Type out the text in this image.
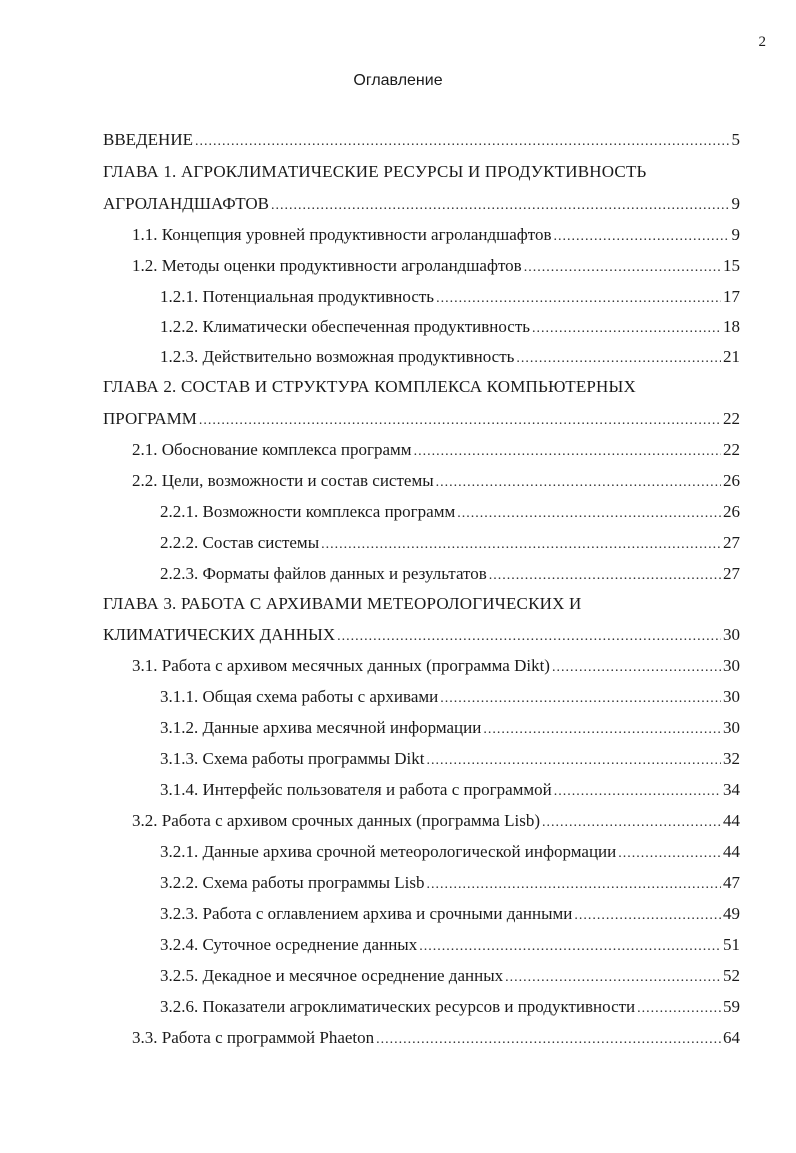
2
Оглавление
ВВЕДЕНИЕ .....	5
ГЛАВА 1. АГРОКЛИМАТИЧЕСКИЕ РЕСУРСЫ И ПРОДУКТИВНОСТЬ
АГРОЛАНДШАФТОВ .....	9
1.1. Концепция уровней продуктивности агроландшафтов .....	9
1.2. Методы оценки продуктивности агроландшафтов .....	15
1.2.1. Потенциальная продуктивность .....	17
1.2.2. Климатически обеспеченная продуктивность .....	18
1.2.3. Действительно возможная продуктивность .....	21
ГЛАВА 2. СОСТАВ И СТРУКТУРА КОМПЛЕКСА КОМПЬЮТЕРНЫХ
ПРОГРАММ .....	22
2.1. Обоснование комплекса программ .....	22
2.2. Цели, возможности и состав системы .....	26
2.2.1. Возможности комплекса программ .....	26
2.2.2. Состав системы .....	27
2.2.3. Форматы файлов данных и результатов .....	27
ГЛАВА 3. РАБОТА С АРХИВАМИ МЕТЕОРОЛОГИЧЕСКИХ И
КЛИМАТИЧЕСКИХ ДАННЫХ .....	30
3.1. Работа с архивом месячных данных (программа Dikt) .....	30
3.1.1. Общая схема работы с архивами .....	30
3.1.2. Данные архива месячной информации .....	30
3.1.3. Схема работы программы Dikt .....	32
3.1.4. Интерфейс пользователя и работа с программой .....	34
3.2. Работа с архивом срочных данных (программа Lisb) .....	44
3.2.1. Данные архива срочной метеорологической информации .....	44
3.2.2. Схема работы программы Lisb .....	47
3.2.3. Работа с оглавлением архива и срочными данными .....	49
3.2.4. Суточное осреднение данных .....	51
3.2.5. Декадное и месячное осреднение данных .....	52
3.2.6. Показатели агроклиматических ресурсов и продуктивности .....	59
3.3. Работа с программой Phaeton .....	64
